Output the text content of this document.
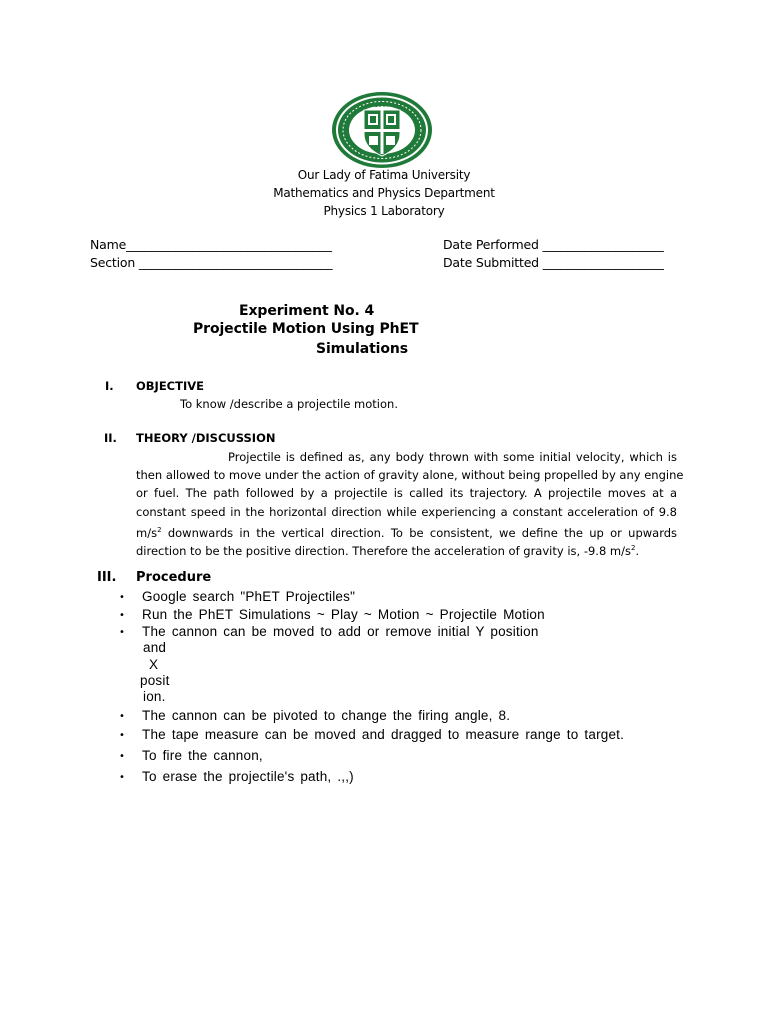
1967
Our Lady of Fatima University
Mathematics and Physics Department
Physics 1 Laboratory
Name__________________________________
Section ________________________________
Date Performed ____________________
Date Submitted ____________________
Experiment No. 4
Projectile Motion Using PhET
Simulations
I. OBJECTIVE
To know /describe a projectile motion.
II. THEORY /DISCUSSION
Projectile is defined as, any body thrown with some initial velocity, which is
then allowed to move under the action of gravity alone, without being propelled by any engine
or fuel. The path followed by a projectile is called its trajectory. A projectile moves at a
constant speed in the horizontal direction while experiencing a constant acceleration of 9.8
$m/s^2$ downwards in the vertical direction. To be consistent, we define the up or upwards
direction to be the positive direction. Therefore the acceleration of gravity is, -9.8 $m/s^2$.
III. Procedure
• Google search "PhET Projectiles"
• Run the PhET Simulations ~ Play ~ Motion ~ Projectile Motion
• The cannon can be moved to add or remove initial Y position
and
X
posit
ion.
• The cannon can be pivoted to change the firing angle, 8.
• The tape measure can be moved and dragged to measure range to target.
• To fire the cannon,
• To erase the projectile's path, .,,)
